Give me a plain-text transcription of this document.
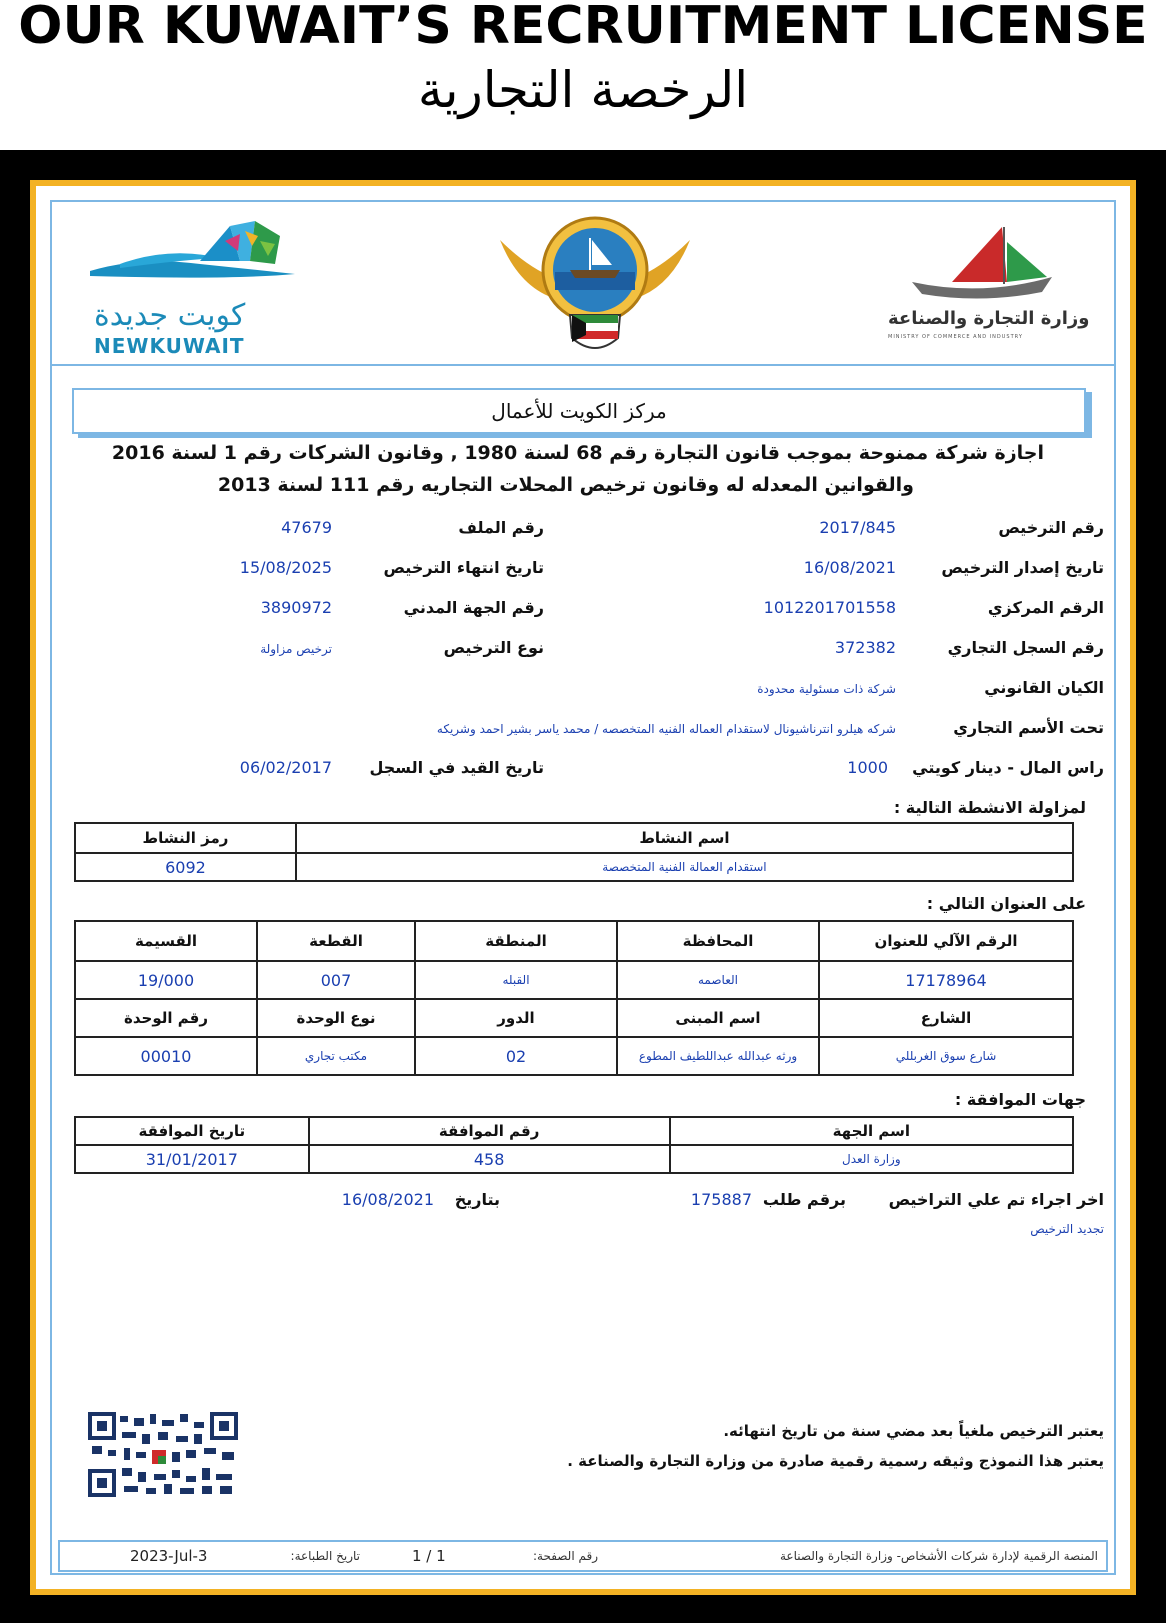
OUR KUWAIT’S RECRUITMENT LICENSE
الرخصة التجارية
كويت جديدة
NEWKUWAIT
وزارة التجارة والصناعة
MINISTRY OF COMMERCE AND INDUSTRY
مركز الكويت للأعمال
اجازة شركة ممنوحة بموجب قانون التجارة رقم 68 لسنة 1980 , وقانون الشركات رقم 1 لسنة 2016
والقوانين المعدله له وقانون ترخيص المحلات التجاريه رقم 111 لسنة 2013
رقم الترخيص
2017/845
رقم الملف
47679
تاريخ إصدار الترخيص
16/08/2021
تاريخ انتهاء الترخيص
15/08/2025
الرقم المركزي
1012201701558
رقم الجهة المدني
3890972
رقم السجل التجاري
372382
نوع الترخيص
ترخيص مزاولة
الكيان القانوني
شركة ذات مسئولية محدودة
تحت الأسم التجاري
شركه هيلرو انترناشيونال لاستقدام العماله الفنيه المتخصصه / محمد ياسر بشير احمد وشريكه
راس المال - دينار كويتي
1000
تاريخ القيد في السجل
06/02/2017
لمزاولة الانشطة التالية :
اسم النشاط	رمز النشاط
استقدام العمالة الفنية المتخصصة	6092
على العنوان التالي :
الرقم الآلي للعنوان	المحافظة	المنطقة	القطعة	القسيمة
17178964	العاصمه	القبله	007	19/000
الشارع	اسم المبنى	الدور	نوع الوحدة	رقم الوحدة
شارع سوق الغربللي	ورثه عبدالله عبداللطيف المطوع	02	مكتب تجاري	00010
جهات الموافقة :
اسم الجهة	رقم الموافقة	تاريخ الموافقة
وزارة العدل	458	31/01/2017
اخر اجراء تم علي التراخيص
برقم طلب
175887
بتاريخ
16/08/2021
تجديد الترخيص
يعتبر الترخيص ملغياً بعد مضي سنة من تاريخ انتهائه.
يعتبر هذا النموذج وثيقه رسمية رقمية صادرة من وزارة التجارة والصناعة .
المنصة الرقمية لإدارة شركات الأشخاص- وزارة التجارة والصناعة
رقم الصفحة:
1 / 1
تاريخ الطباعة:
2023-Jul-3
